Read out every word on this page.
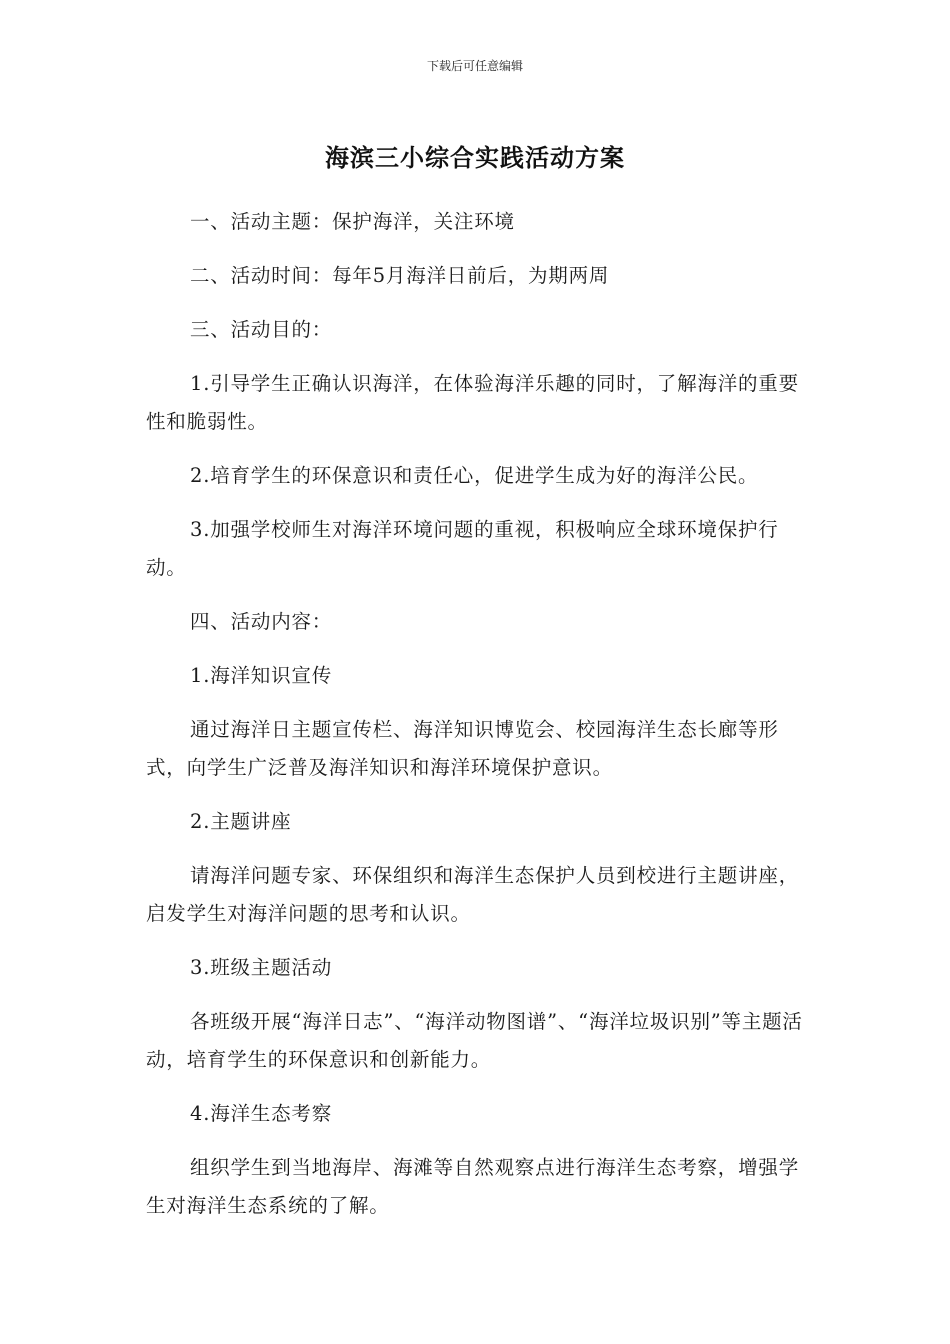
下载后可任意编辑
海滨三小综合实践活动方案

一、活动主题：保护海洋，关注环境

二、活动时间：每年5月海洋日前后，为期两周

三、活动目的：

1.引导学生正确认识海洋，在体验海洋乐趣的同时，了解海洋的重要性和脆弱性。

2.培育学生的环保意识和责任心，促进学生成为好的海洋公民。

3.加强学校师生对海洋环境问题的重视，积极响应全球环境保护行动。

四、活动内容：

1.海洋知识宣传

通过海洋日主题宣传栏、海洋知识博览会、校园海洋生态长廊等形式，向学生广泛普及海洋知识和海洋环境保护意识。

2.主题讲座

请海洋问题专家、环保组织和海洋生态保护人员到校进行主题讲座，启发学生对海洋问题的思考和认识。

3.班级主题活动

各班级开展“海洋日志”、“海洋动物图谱”、“海洋垃圾识别”等主题活动，培育学生的环保意识和创新能力。

4.海洋生态考察

组织学生到当地海岸、海滩等自然观察点进行海洋生态考察，增强学生对海洋生态系统的了解。
